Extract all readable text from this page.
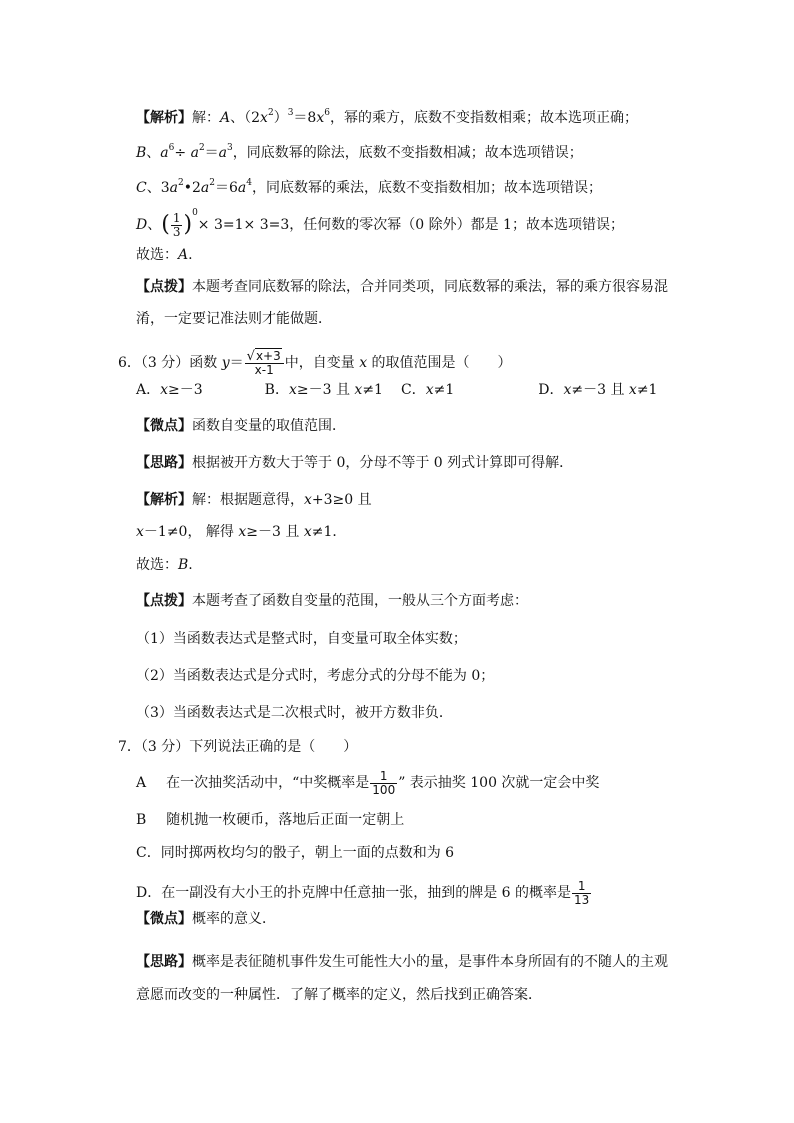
【解析】解：A、$(2x^2)^3=8x^6$，幂的乘方，底数不变指数相乘；故本选项正确；
B、$a^6\div a^2=a^3$，同底数幂的除法，底数不变指数相减；故本选项错误；
C、$3a^2•2a^2=6a^4$，同底数幂的乘法，底数不变指数相加；故本选项错误；
D、( $\frac{1}{3} )^0\times 3=1\times 3=3$，任何数的零次幂（0 除外）都是 1；故本选项错误；
故选：A.
【点拨】本题考查同底数幂的除法，合并同类项，同底数幂的乘法，幂的乘方很容易混
淆，一定要记准法则才能做题．
6．（3 分）函数 $y= \frac{√x+3}{x-1}$ 中，自变量 x 的取值范围是（　　）
A．x≥－3	B．x≥－3 且 x≠1 C．x≠1	D．x≠－3 且 x≠1
【微点】函数自变量的取值范围．
【思路】根据被开方数大于等于 0，分母不等于 0 列式计算即可得解．
【解析】解：根据题意得，x+3≥0 且
x－1≠0， 解得 x≥－3 且 x≠1．
故选：B.
【点拨】本题考查了函数自变量的范围，一般从三个方面考虑：
（1）当函数表达式是整式时，自变量可取全体实数；
（2）当函数表达式是分式时，考虑分式的分母不能为 0；
（3）当函数表达式是二次根式时，被开方数非负．
7．（3 分）下列说法正确的是（　　）
A 在一次抽奖活动中，“中奖概率是 $\frac{1}{100}$ ” 表示抽奖 100 次就一定会中奖
B 随机抛一枚硬币，落地后正面一定朝上
C．同时掷两枚均匀的骰子，朝上一面的点数和为 6
D．在一副没有大小王的扑克牌中任意抽一张，抽到的牌是 6 的概率是 $\frac{1}{13}$
【微点】概率的意义．
【思路】概率是表征随机事件发生可能性大小的量，是事件本身所固有的不随人的主观
意愿而改变的一种属性．了解了概率的定义，然后找到正确答案．
